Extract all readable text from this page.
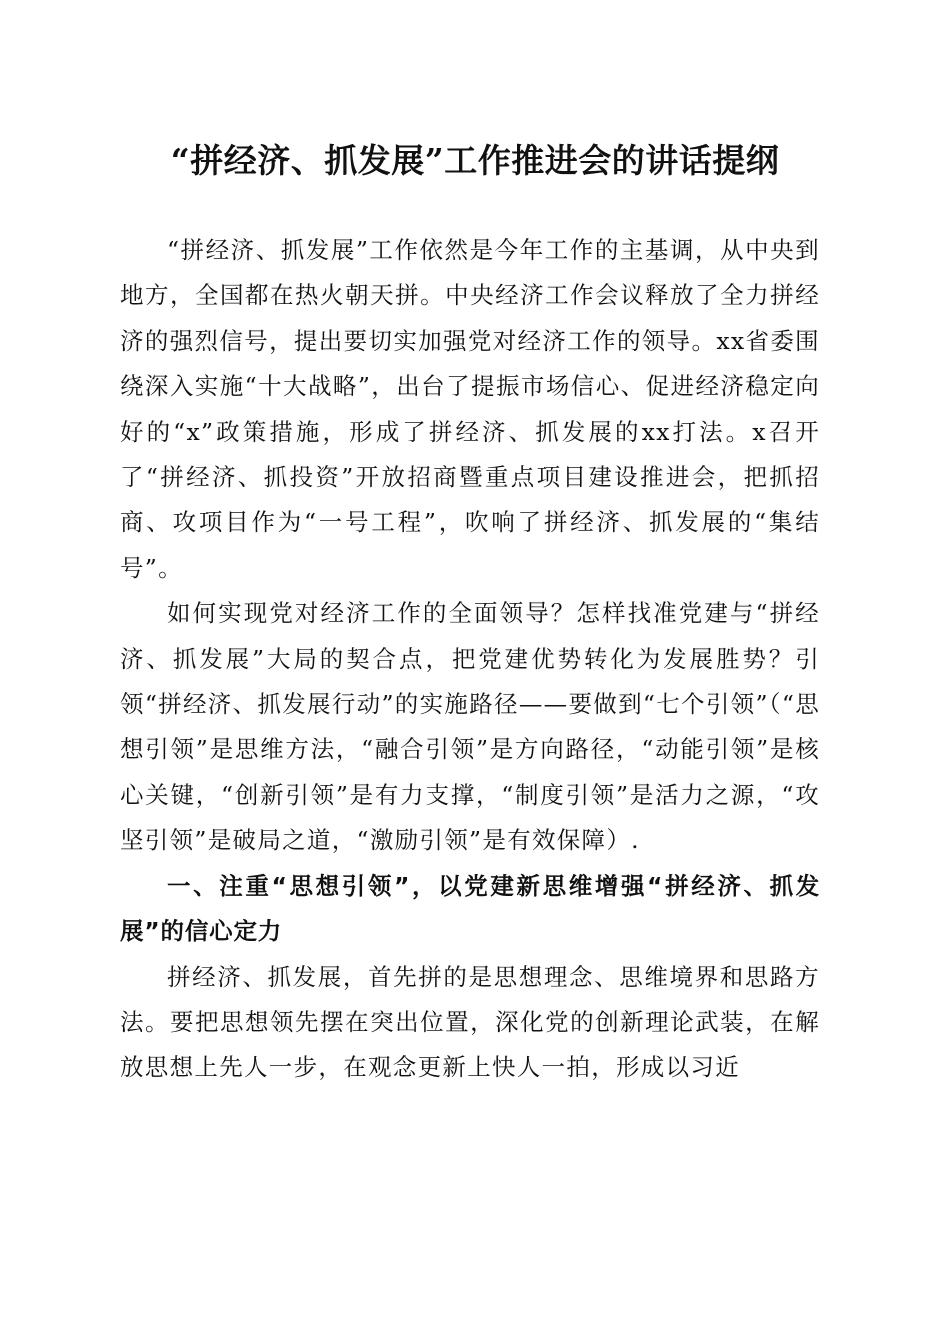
“拼经济、抓发展”工作推进会的讲话提纲

“拼经济、抓发展”工作依然是今年工作的主基调，从中央到地方，全国都在热火朝天拼。中央经济工作会议释放了全力拼经济的强烈信号，提出要切实加强党对经济工作的领导。xx省委围绕深入实施“十大战略”，出台了提振市场信心、促进经济稳定向好的“x”政策措施，形成了拼经济、抓发展的xx打法。x召开了“拼经济、抓投资”开放招商暨重点项目建设推进会，把抓招商、攻项目作为“一号工程”，吹响了拼经济、抓发展的“集结号”。

如何实现党对经济工作的全面领导？怎样找准党建与“拼经济、抓发展”大局的契合点，把党建优势转化为发展胜势？引领“拼经济、抓发展行动”的实施路径——要做到“七个引领”（“思想引领”是思维方法，“融合引领”是方向路径，“动能引领”是核心关键，“创新引领”是有力支撑，“制度引领”是活力之源，“攻坚引领”是破局之道，“激励引领”是有效保障）.

一、注重“思想引领”，以党建新思维增强“拼经济、抓发展”的信心定力

拼经济、抓发展，首先拼的是思想理念、思维境界和思路方法。要把思想领先摆在突出位置，深化党的创新理论武装，在解放思想上先人一步，在观念更新上快人一拍，形成以习近
